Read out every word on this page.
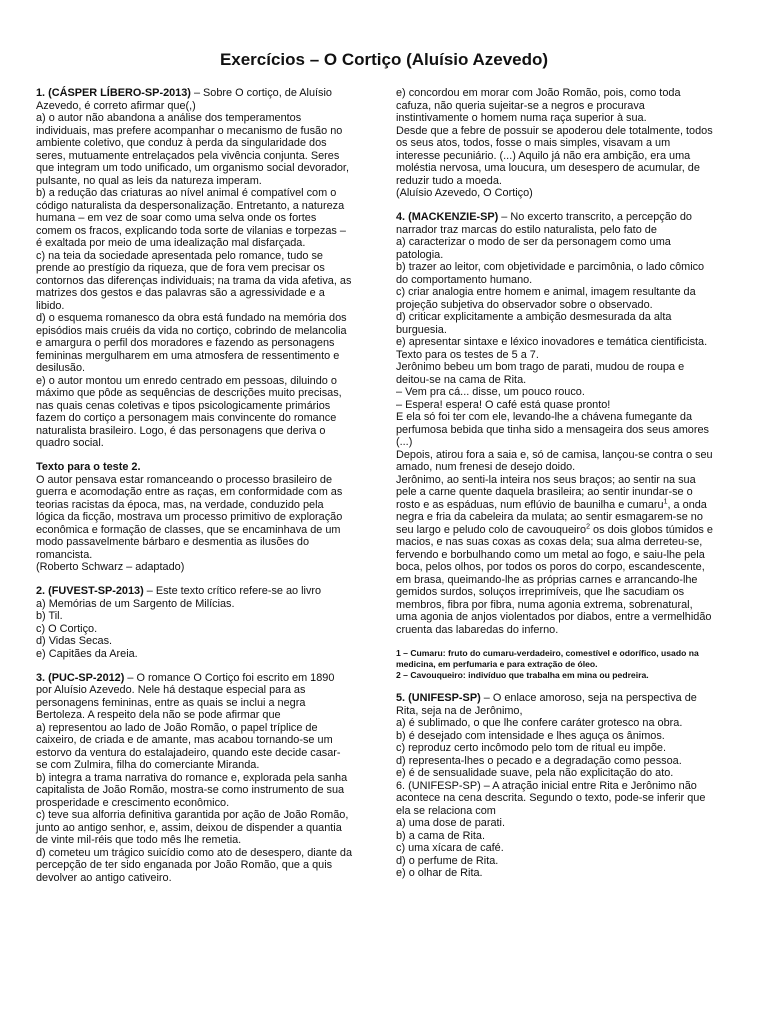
Exercícios – O Cortiço (Aluísio Azevedo)

1. (CÁSPER LÍBERO-SP-2013) – Sobre O cortiço, de Aluísio Azevedo, é correto afirmar que(,)

a) o autor não abandona a análise dos temperamentos individuais, mas prefere acompanhar o mecanismo de fusão no ambiente coletivo, que conduz à perda da singularidade dos seres, mutuamente entrelaçados pela vivência conjunta. Seres que integram um todo unificado, um organismo social devorador, pulsante, no qual as leis da natureza imperam.

b) a redução das criaturas ao nível animal é compatível com o código naturalista da despersonalização. Entretanto, a natureza humana – em vez de soar como uma selva onde os fortes comem os fracos, explicando toda sorte de vilanias e torpezas – é exaltada por meio de uma idealização mal disfarçada.

c) na teia da sociedade apresentada pelo romance, tudo se prende ao prestígio da riqueza, que de fora vem precisar os contornos das diferenças individuais; na trama da vida afetiva, as matrizes dos gestos e das palavras são a agressividade e a libido.

d) o esquema romanesco da obra está fundado na memória dos episódios mais cruéis da vida no cortiço, cobrindo de melancolia e amargura o perfil dos moradores e fazendo as personagens femininas mergulharem em uma atmosfera de ressentimento e desilusão.

e) o autor montou um enredo centrado em pessoas, diluindo o máximo que pôde as sequências de descrições muito precisas, nas quais cenas coletivas e tipos psicologicamente primários fazem do cortiço a personagem mais convincente do romance naturalista brasileiro. Logo, é das personagens que deriva o quadro social.

Texto para o teste 2.

O autor pensava estar romanceando o processo brasileiro de guerra e acomodação entre as raças, em conformidade com as teorias racistas da época, mas, na verdade, conduzido pela lógica da ficção, mostrava um processo primitivo de exploração econômica e formação de classes, que se encaminhava de um modo passavelmente bárbaro e desmentia as ilusões do romancista.

(Roberto Schwarz – adaptado)

2. (FUVEST-SP-2013) – Este texto crítico refere-se ao livro

a) Memórias de um Sargento de Milícias.

b) Til.

c) O Cortiço.

d) Vidas Secas.

e) Capitães da Areia.

3. (PUC-SP-2012) – O romance O Cortiço foi escrito em 1890 por Aluísio Azevedo. Nele há destaque especial para as personagens femininas, entre as quais se inclui a negra Bertoleza. A respeito dela não se pode afirmar que

a) representou ao lado de João Romão, o papel tríplice de caixeiro, de criada e de amante, mas acabou tornando-se um estorvo da ventura do estalajadeiro, quando este decide casar-se com Zulmira, filha do comerciante Miranda.

b) integra a trama narrativa do romance e, explorada pela sanha capitalista de João Romão, mostra-se como instrumento de sua prosperidade e crescimento econômico.

c) teve sua alforria definitiva garantida por ação de João Romão, junto ao antigo senhor, e, assim, deixou de dispender a quantia de vinte mil-réis que todo mês lhe remetia.

d) cometeu um trágico suicídio como ato de desespero, diante da percepção de ter sido enganada por João Romão, que a quis devolver ao antigo cativeiro.

e) concordou em morar com João Romão, pois, como toda cafuza, não queria sujeitar-se a negros e procurava instintivamente o homem numa raça superior à sua.

Desde que a febre de possuir se apoderou dele totalmente, todos os seus atos, todos, fosse o mais simples, visavam a um interesse pecuniário. (...) Aquilo já não era ambição, era uma moléstia nervosa, uma loucura, um desespero de acumular, de reduzir tudo a moeda.

(Aluísio Azevedo, O Cortiço)

4. (MACKENZIE-SP) – No excerto transcrito, a percepção do narrador traz marcas do estilo naturalista, pelo fato de

a) caracterizar o modo de ser da personagem como uma patologia.

b) trazer ao leitor, com objetividade e parcimônia, o lado cômico do comportamento humano.

c) criar analogia entre homem e animal, imagem resultante da projeção subjetiva do observador sobre o observado.

d) criticar explicitamente a ambição desmesurada da alta burguesia.

e) apresentar sintaxe e léxico inovadores e temática cientificista.

Texto para os testes de 5 a 7.

Jerônimo bebeu um bom trago de parati, mudou de roupa e deitou-se na cama de Rita.

– Vem pra cá... disse, um pouco rouco.

– Espera! espera! O café está quase pronto!

E ela só foi ter com ele, levando-lhe a chávena fumegante da perfumosa bebida que tinha sido a mensageira dos seus amores (...)

Depois, atirou fora a saia e, só de camisa, lançou-se contra o seu amado, num frenesi de desejo doido.

Jerônimo, ao senti-la inteira nos seus braços; ao sentir na sua pele a carne quente daquela brasileira; ao sentir inundar-se o rosto e as espáduas, num eflúvio de baunilha e cumaru$^1$, a onda negra e fria da cabeleira da mulata; ao sentir esmagarem-se no seu largo e peludo colo de cavouqueiro$^2$ os dois globos túmidos e macios, e nas suas coxas as coxas dela; sua alma derreteu-se, fervendo e borbulhando como um metal ao fogo, e saiu-lhe pela boca, pelos olhos, por todos os poros do corpo, escandescente, em brasa, queimando-lhe as próprias carnes e arrancando-lhe gemidos surdos, soluços irreprimíveis, que lhe sacudiam os membros, fibra por fibra, numa agonia extrema, sobrenatural, uma agonia de anjos violentados por diabos, entre a vermelhidão cruenta das labaredas do inferno.

1 – Cumaru: fruto do cumaru-verdadeiro, comestível e odorífico, usado na medicina, em perfumaria e para extração de óleo.

2 – Cavouqueiro: indivíduo que trabalha em mina ou pedreira.

5. (UNIFESP-SP) – O enlace amoroso, seja na perspectiva de Rita, seja na de Jerônimo,

a) é sublimado, o que lhe confere caráter grotesco na obra.

b) é desejado com intensidade e lhes aguça os ânimos.

c) reproduz certo incômodo pelo tom de ritual eu impõe.

d) representa-lhes o pecado e a degradação como pessoa.

e) é de sensualidade suave, pela não explicitação do ato.

6. (UNIFESP-SP) – A atração inicial entre Rita e Jerônimo não acontece na cena descrita. Segundo o texto, pode-se inferir que ela se relaciona com

a) uma dose de parati.

b) a cama de Rita.

c) uma xícara de café.

d) o perfume de Rita.

e) o olhar de Rita.
